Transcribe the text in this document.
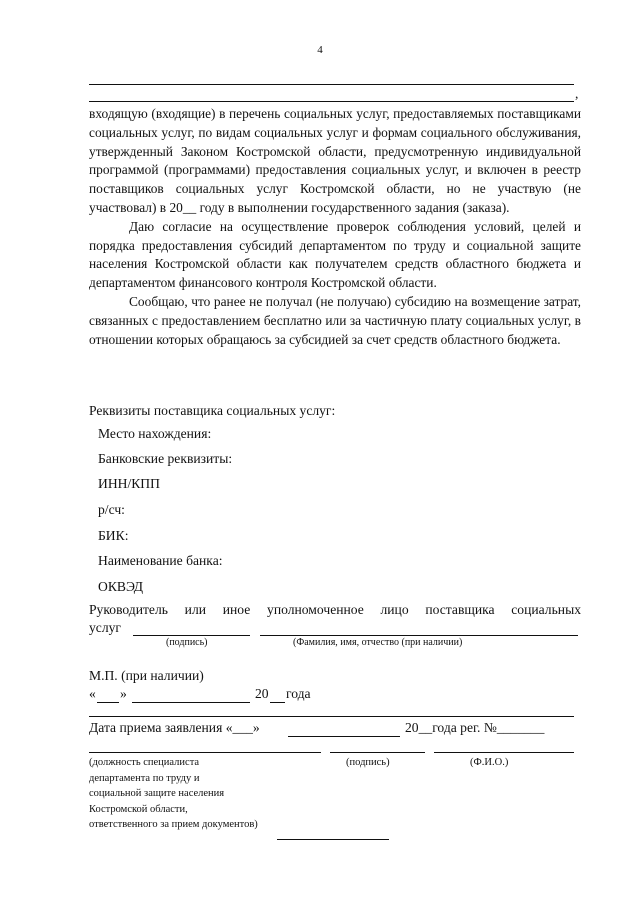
4
,

входящую (входящие) в перечень социальных услуг, предоставляемых поставщиками социальных услуг, по видам социальных услуг и формам социального обслуживания, утвержденный Законом Костромской области, предусмотренную индивидуальной программой (программами) предоставления социальных услуг, и включен в реестр поставщиков социальных услуг Костромской области, но не участвую (не участвовал) в 20__ году в выполнении государственного задания (заказа).

Даю согласие на осуществление проверок соблюдения условий, целей и порядка предоставления субсидий департаментом по труду и социальной защите населения Костромской области как получателем средств областного бюджета и департаментом финансового контроля Костромской области.

Сообщаю, что ранее не получал (не получаю) субсидию на возмещение затрат, связанных с предоставлением бесплатно или за частичную плату социальных услуг, в отношении которых обращаюсь за субсидией за счет средств областного бюджета.

Реквизиты поставщика социальных услуг:
Место нахождения:
Банковские реквизиты:
ИНН/КПП
р/сч:
БИК:
Наименование банка:
ОКВЭД
Руководитель или иное уполномоченное лицо поставщика социальных
услуг
(подпись)	(Фамилия, имя, отчество (при наличии)
М.П. (при наличии)
« »	20 года
Дата приема заявления «___»	20__года рег. №_______
(должность специалиста
департамента по труду и
социальной защите населения
Костромской области,
ответственного за прием документов)
(подпись)	(Ф.И.О.)
